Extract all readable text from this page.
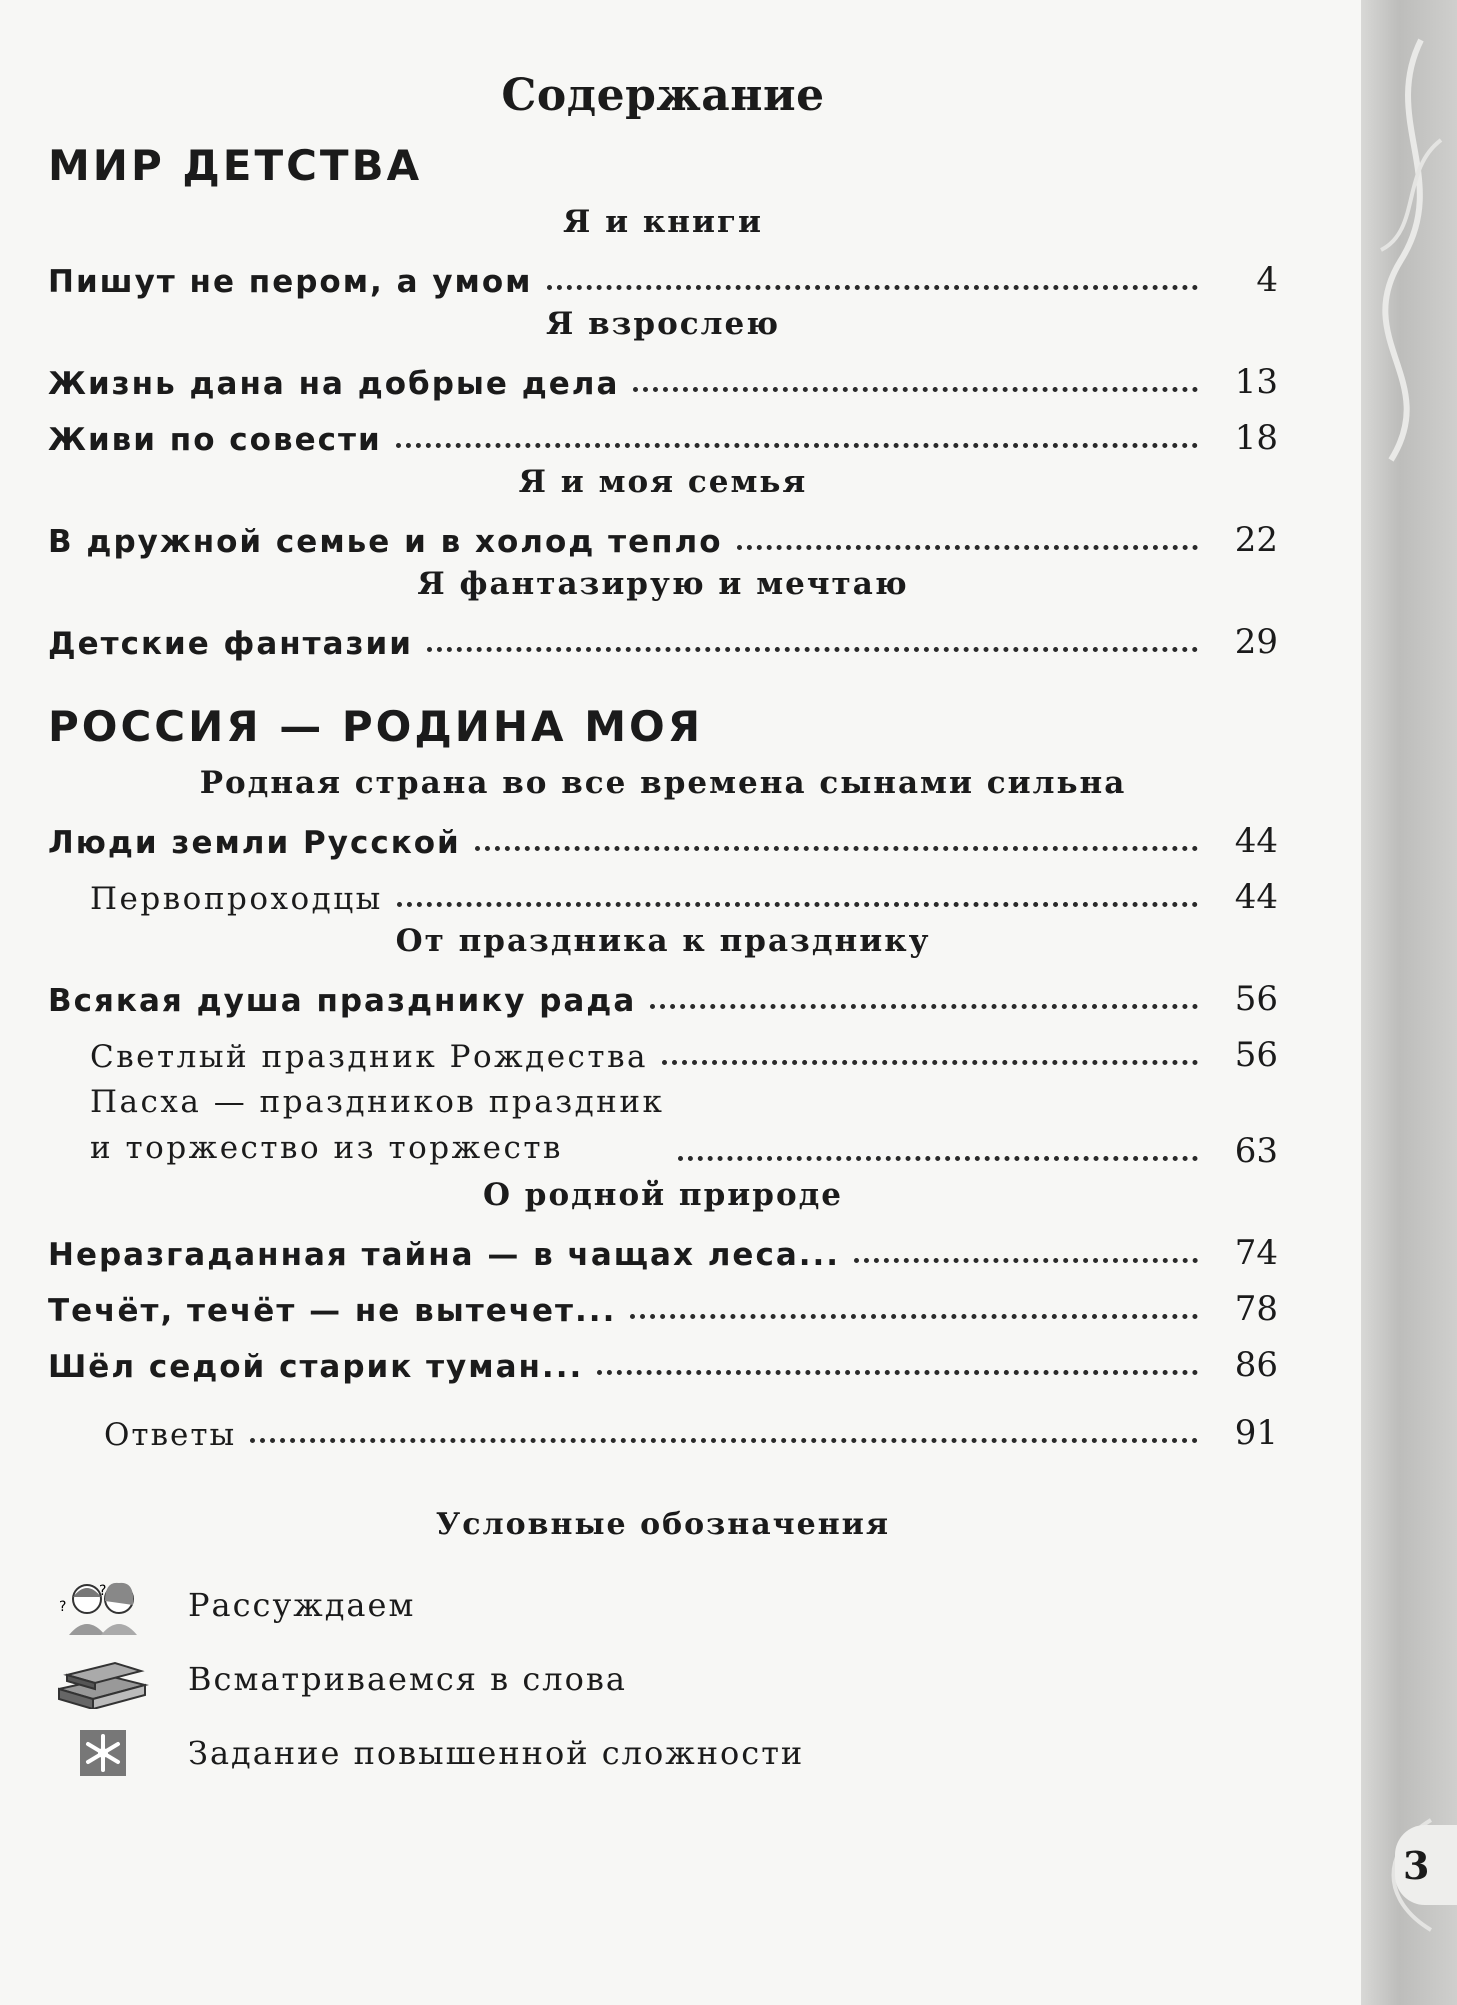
3
Содержание
МИР ДЕТСТВА
Я и книги
Пишут не пером, а умом	4
Я взрослею
Жизнь дана на добрые дела	13
Живи по совести	18
Я и моя семья
В дружной семье и в холод тепло	22
Я фантазирую и мечтаю
Детские фантазии	29
РОССИЯ — РОДИНА МОЯ
Родная страна во все времена сынами сильна
Люди земли Русской	44
Первопроходцы	44
От праздника к празднику
Всякая душа празднику рада	56
Светлый праздник Рождества	56
Пасха — праздников праздник
и торжество из торжеств	63
О родной природе
Неразгаданная тайна — в чащах леса...	74
Течёт, течёт — не вытечет...	78
Шёл седой старик туман...	86
Ответы	91
Условные обозначения
?
?	Рассуждаем
Всматриваемся в слова
Задание повышенной сложности
